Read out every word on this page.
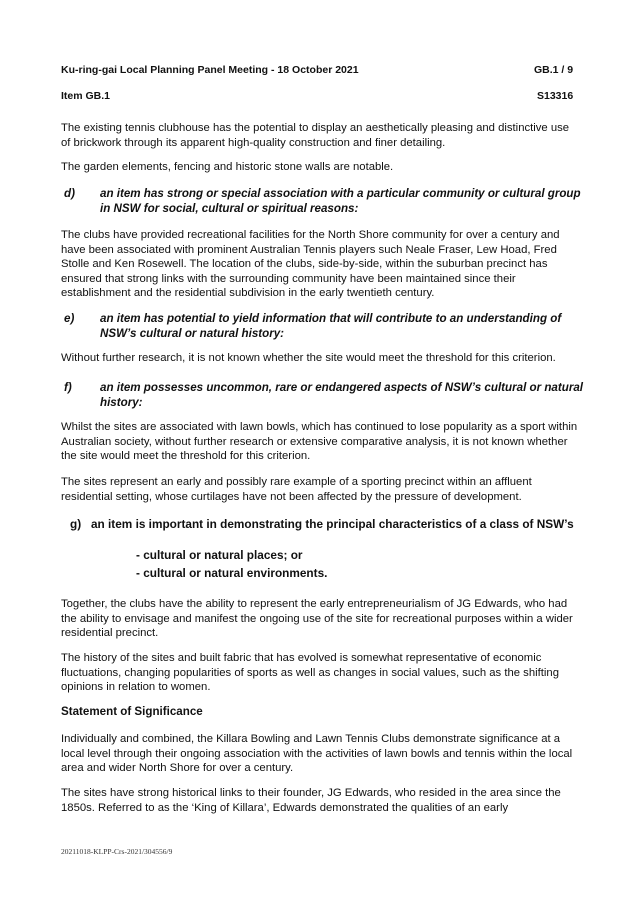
Ku-ring-gai Local Planning Panel Meeting - 18 October 2021	GB.1 / 9
Item GB.1	S13316

The existing tennis clubhouse has the potential to display an aesthetically pleasing and distinctive use of brickwork through its apparent high-quality construction and finer detailing.

The garden elements, fencing and historic stone walls are notable.

d) an item has strong or special association with a particular community or cultural group in NSW for social, cultural or spiritual reasons:

The clubs have provided recreational facilities for the North Shore community for over a century and have been associated with prominent Australian Tennis players such Neale Fraser, Lew Hoad, Fred Stolle and Ken Rosewell. The location of the clubs, side-by-side, within the suburban precinct has ensured that strong links with the surrounding community have been maintained since their establishment and the residential subdivision in the early twentieth century.

e) an item has potential to yield information that will contribute to an understanding of NSW’s cultural or natural history:

Without further research, it is not known whether the site would meet the threshold for this criterion.

f) an item possesses uncommon, rare or endangered aspects of NSW’s cultural or natural history:

Whilst the sites are associated with lawn bowls, which has continued to lose popularity as a sport within Australian society, without further research or extensive comparative analysis, it is not known whether the site would meet the threshold for this criterion.

The sites represent an early and possibly rare example of a sporting precinct within an affluent residential setting, whose curtilages have not been affected by the pressure of development.

g) an item is important in demonstrating the principal characteristics of a class of NSW’s

- cultural or natural places; or

- cultural or natural environments.

Together, the clubs have the ability to represent the early entrepreneurialism of JG Edwards, who had the ability to envisage and manifest the ongoing use of the site for recreational purposes within a wider residential precinct.

The history of the sites and built fabric that has evolved is somewhat representative of economic fluctuations, changing popularities of sports as well as changes in social values, such as the shifting opinions in relation to women.

Statement of Significance

Individually and combined, the Killara Bowling and Lawn Tennis Clubs demonstrate significance at a local level through their ongoing association with the activities of lawn bowls and tennis within the local area and wider North Shore for over a century.

The sites have strong historical links to their founder, JG Edwards, who resided in the area since the 1850s. Referred to as the ‘King of Killara’, Edwards demonstrated the qualities of an early

20211018-KLPP-Crs-2021/304556/9
